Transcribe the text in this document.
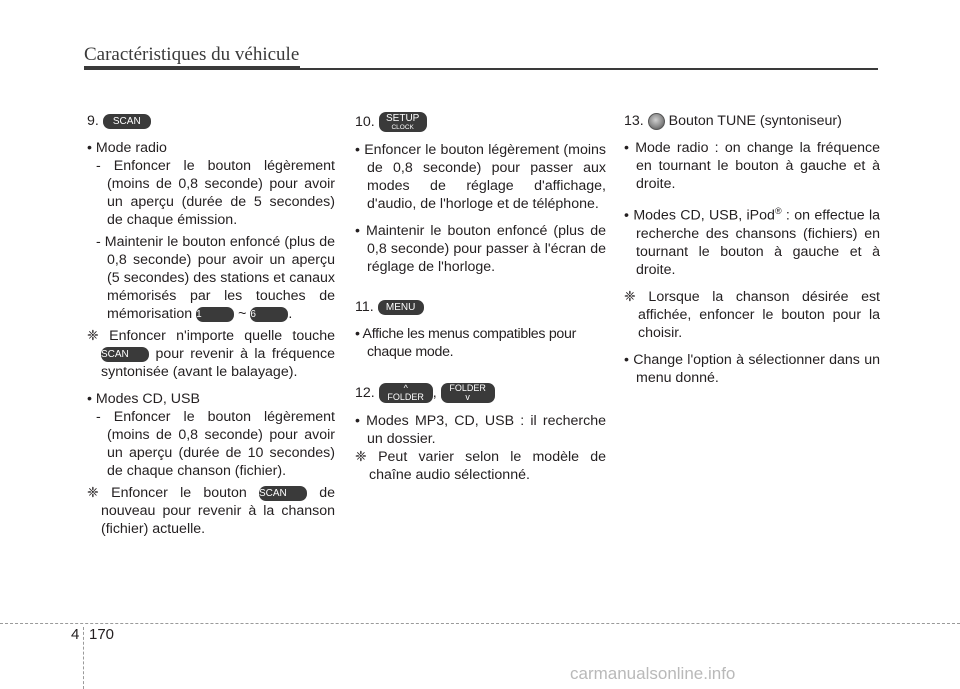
Caractéristiques du véhicule

9. SCAN

• Mode radio

- Enfoncer le bouton légèrement (moins de 0,8 seconde) pour avoir un aperçu (durée de 5 secondes) de chaque émission.

- Maintenir le bouton enfoncé (plus de 0,8 seconde) pour avoir un aperçu (5 secondes) des stations et canaux mémorisés par les touches de mémorisation 1	~ 6 .

❈ Enfoncer n'importe quelle touche SCAN pour revenir à la fréquence syntonisée (avant le balayage).

• Modes CD, USB

- Enfoncer le bouton légèrement (moins de 0,8 seconde) pour avoir un aperçu (durée de 10 secondes) de chaque chanson (fichier).

❈ Enfoncer le bouton SCAN de nouveau pour revenir à la chanson (fichier) actuelle.

10.	SETUP
CLOCK

• Enfoncer le bouton légèrement (moins de 0,8 seconde) pour passer aux modes de réglage d'affichage, d'audio, de l'horloge et de téléphone.

• Maintenir le bouton enfoncé (plus de 0,8 seconde) pour passer à l'écran de réglage de l'horloge.

11. MENU

• Affiche les menus compatibles pour chaque mode.

12.	^
FOLDER ,	FOLDER
v

• Modes MP3, CD, USB : il recherche un dossier.

❈ Peut varier selon le modèle de chaîne audio sélectionné.

13. Bouton TUNE (syntoniseur)

• Mode radio : on change la fréquence en tournant le bouton à gauche et à droite.

• Modes CD, USB, iPod® : on effectue la recherche des chansons (fichiers) en tournant le bouton à gauche et à droite.

❈ Lorsque la chanson désirée est affichée, enfoncer le bouton pour la choisir.

• Change l'option à sélectionner dans un menu donné.

4 170
carmanualsonline.info
